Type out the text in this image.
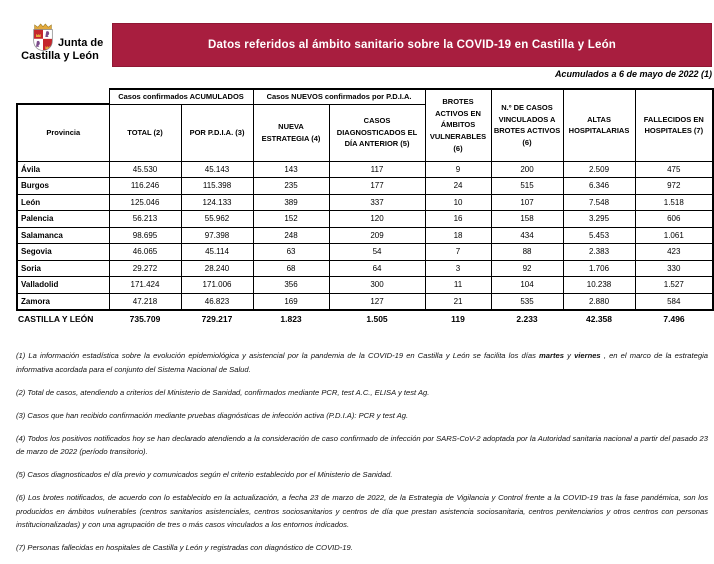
Junta de
Castilla y León
Datos referidos al ámbito sanitario sobre la COVID-19 en Castilla y León
Acumulados a 6 de mayo de 2022 (1)
	Casos confirmados ACUMULADOS		Casos NUEVOS confirmados por P.D.I.A.		BROTES ACTIVOS EN ÁMBITOS VULNERABLES (6)	N.º DE CASOS VINCULADOS A BROTES ACTIVOS (6)	ALTAS HOSPITALARIAS	FALLECIDOS EN HOSPITALES (7)
Provincia	TOTAL (2)	POR P.D.I.A. (3)	NUEVA ESTRATEGIA (4)	CASOS DIAGNOSTICADOS EL DÍA ANTERIOR (5)				
Ávila	45.530	45.143	143	117	9	200	2.509	475
Burgos	116.246	115.398	235	177	24	515	6.346	972
León	125.046	124.133	389	337	10	107	7.548	1.518
Palencia	56.213	55.962	152	120	16	158	3.295	606
Salamanca	98.695	97.398	248	209	18	434	5.453	1.061
Segovia	46.065	45.114	63	54	7	88	2.383	423
Soria	29.272	28.240	68	64	3	92	1.706	330
Valladolid	171.424	171.006	356	300	11	104	10.238	1.527
Zamora	47.218	46.823	169	127	21	535	2.880	584
CASTILLA Y LEÓN	735.709	729.217	1.823	1.505	119	2.233	42.358	7.496

(1) La información estadística sobre la evolución epidemiológica y asistencial por la pandemia de la COVID-19 en Castilla y León se facilita los días martes y viernes , en el marco de la estrategia informativa acordada para el conjunto del Sistema Nacional de Salud.

(2) Total de casos, atendiendo a criterios del Ministerio de Sanidad, confirmados mediante PCR, test A.C., ELISA y test Ag.

(3) Casos que han recibido confirmación mediante pruebas diagnósticas de infección activa (P.D.I.A): PCR y test Ag.

(4) Todos los positivos notificados hoy se han declarado atendiendo a la consideración de caso confirmado de infección por SARS-CoV-2 adoptada por la Autoridad sanitaria nacional a partir del pasado 23 de marzo de 2022 (período transitorio).

(5) Casos diagnosticados el día previo y comunicados según el criterio establecido por el Ministerio de Sanidad.

(6) Los brotes notificados, de acuerdo con lo establecido en la actualización, a fecha 23 de marzo de 2022, de la Estrategia de Vigilancia y Control frente a la COVID-19 tras la fase pandémica, son los producidos en ámbitos vulnerables (centros sanitarios asistenciales, centros sociosanitarios y centros de día que prestan asistencia sociosanitaria, centros penitenciarios y otros centros con personas institucionalizadas) y con una agrupación de tres o más casos vinculados a los entornos indicados.

(7) Personas fallecidas en hospitales de Castilla y León y registradas con diagnóstico de COVID-19.
